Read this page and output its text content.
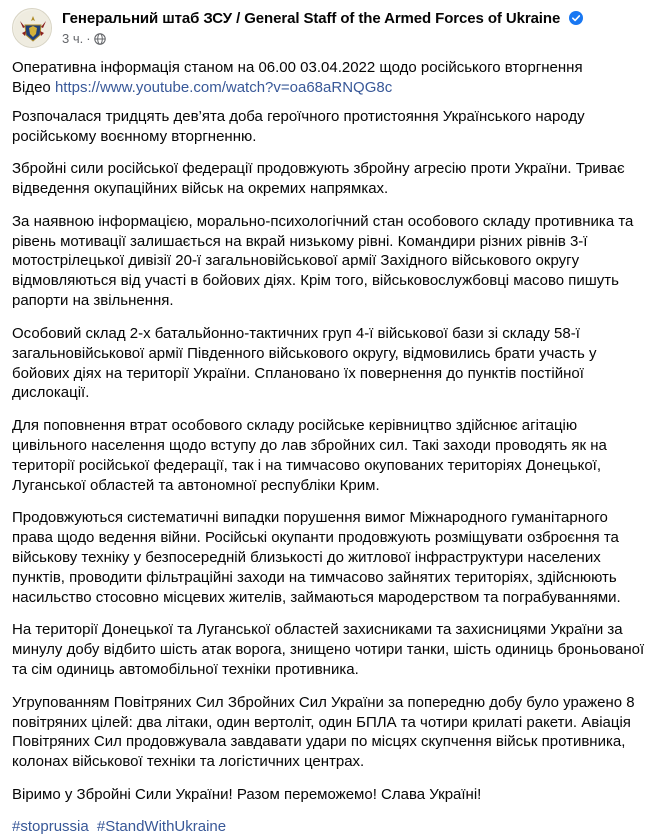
Генеральний штаб ЗСУ / General Staff of the Armed Forces of Ukraine
3 ч. ·
Оперативна інформація станом на 06.00 03.04.2022 щодо російського вторгнення
Відео https://www.youtube.com/watch?v=oa68aRNQG8c

Розпочалася тридцять дев’ята доба героїчного протистояння Українського народу російському воєнному вторгненню.

Збройні сили російської федерації продовжують збройну агресію проти України. Триває відведення окупаційних військ на окремих напрямках.

За наявною інформацією, морально-психологічний стан особового складу противника та рівень мотивації залишається на вкрай низькому рівні. Командири різних рівнів 3-ї мотострілецької дивізії 20-ї загальновійськової армії Західного військового округу відмовляються від участі в бойових діях. Крім того, військовослужбовці масово пишуть рапорти на звільнення.

Особовий склад 2-х батальйонно-тактичних груп 4-ї військової бази зі складу 58-ї загальновійськової армії Південного військового округу, відмовились брати участь у бойових діях на території України. Сплановано їх повернення до пунктів постійної дислокації.

Для поповнення втрат особового складу російське керівництво здійснює агітацію цивільного населення щодо вступу до лав збройних сил. Такі заходи проводять як на території російської федерації, так і на тимчасово окупованих територіях Донецької, Луганської областей та автономної республіки Крим.

Продовжуються систематичні випадки порушення вимог Міжнародного гуманітарного права щодо ведення війни. Російські окупанти продовжують розміщувати озброєння та військову техніку у безпосередній близькості до житлової інфраструктури населених пунктів, проводити фільтраційні заходи на тимчасово зайнятих територіях, здійснюють насильство стосовно місцевих жителів, займаються мародерством та пограбуваннями.

На території Донецької та Луганської областей захисниками та захисницями України за минулу добу відбито шість атак ворога, знищено чотири танки, шість одиниць броньованої та сім одиниць автомобільної техніки противника.

Угрупованням Повітряних Сил Збройних Сил України за попередню добу було уражено 8 повітряних цілей: два літаки, один вертоліт, один БПЛА та чотири крилаті ракети. Авіація Повітряних Сил продовжувала завдавати удари по місцях скупчення військ противника, колонах військової техніки та логістичних центрах.

Віримо у Збройні Сили України! Разом переможемо! Слава Україні!

#stoprussia #StandWithUkraine
